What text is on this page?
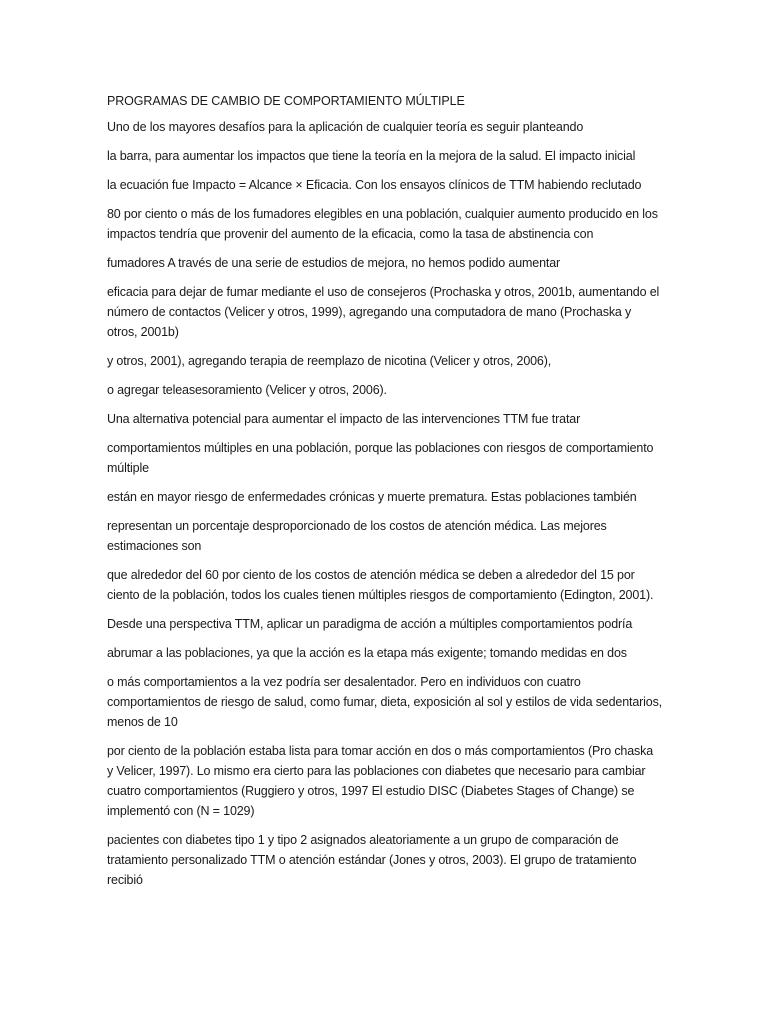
PROGRAMAS DE CAMBIO DE COMPORTAMIENTO MÚLTIPLE

Uno de los mayores desafíos para la aplicación de cualquier teoría es seguir planteando

la barra, para aumentar los impactos que tiene la teoría en la mejora de la salud. El impacto inicial

la ecuación fue Impacto = Alcance × Eficacia. Con los ensayos clínicos de TTM habiendo reclutado

80 por ciento o más de los fumadores elegibles en una población, cualquier aumento producido en los impactos tendría que provenir del aumento de la eficacia, como la tasa de abstinencia con

fumadores A través de una serie de estudios de mejora, no hemos podido aumentar

eficacia para dejar de fumar mediante el uso de consejeros (Prochaska y otros, 2001b, aumentando el número de contactos (Velicer y otros, 1999), agregando una computadora de mano (Prochaska y otros, 2001b)

y otros, 2001), agregando terapia de reemplazo de nicotina (Velicer y otros, 2006),

o agregar teleasesoramiento (Velicer y otros, 2006).

Una alternativa potencial para aumentar el impacto de las intervenciones TTM fue tratar

comportamientos múltiples en una población, porque las poblaciones con riesgos de comportamiento múltiple

están en mayor riesgo de enfermedades crónicas y muerte prematura. Estas poblaciones también

representan un porcentaje desproporcionado de los costos de atención médica. Las mejores estimaciones son

que alrededor del 60 por ciento de los costos de atención médica se deben a alrededor del 15 por ciento de la población, todos los cuales tienen múltiples riesgos de comportamiento (Edington, 2001).

Desde una perspectiva TTM, aplicar un paradigma de acción a múltiples comportamientos podría

abrumar a las poblaciones, ya que la acción es la etapa más exigente; tomando medidas en dos

o más comportamientos a la vez podría ser desalentador. Pero en individuos con cuatro comportamientos de riesgo de salud, como fumar, dieta, exposición al sol y estilos de vida sedentarios, menos de 10

por ciento de la población estaba lista para tomar acción en dos o más comportamientos (Pro chaska y Velicer, 1997). Lo mismo era cierto para las poblaciones con diabetes que necesario para cambiar cuatro comportamientos (Ruggiero y otros, 1997 El estudio DISC (Diabetes Stages of Change) se implementó con (N = 1029)

pacientes con diabetes tipo 1 y tipo 2 asignados aleatoriamente a un grupo de comparación de tratamiento personalizado TTM o atención estándar (Jones y otros, 2003). El grupo de tratamiento recibió
